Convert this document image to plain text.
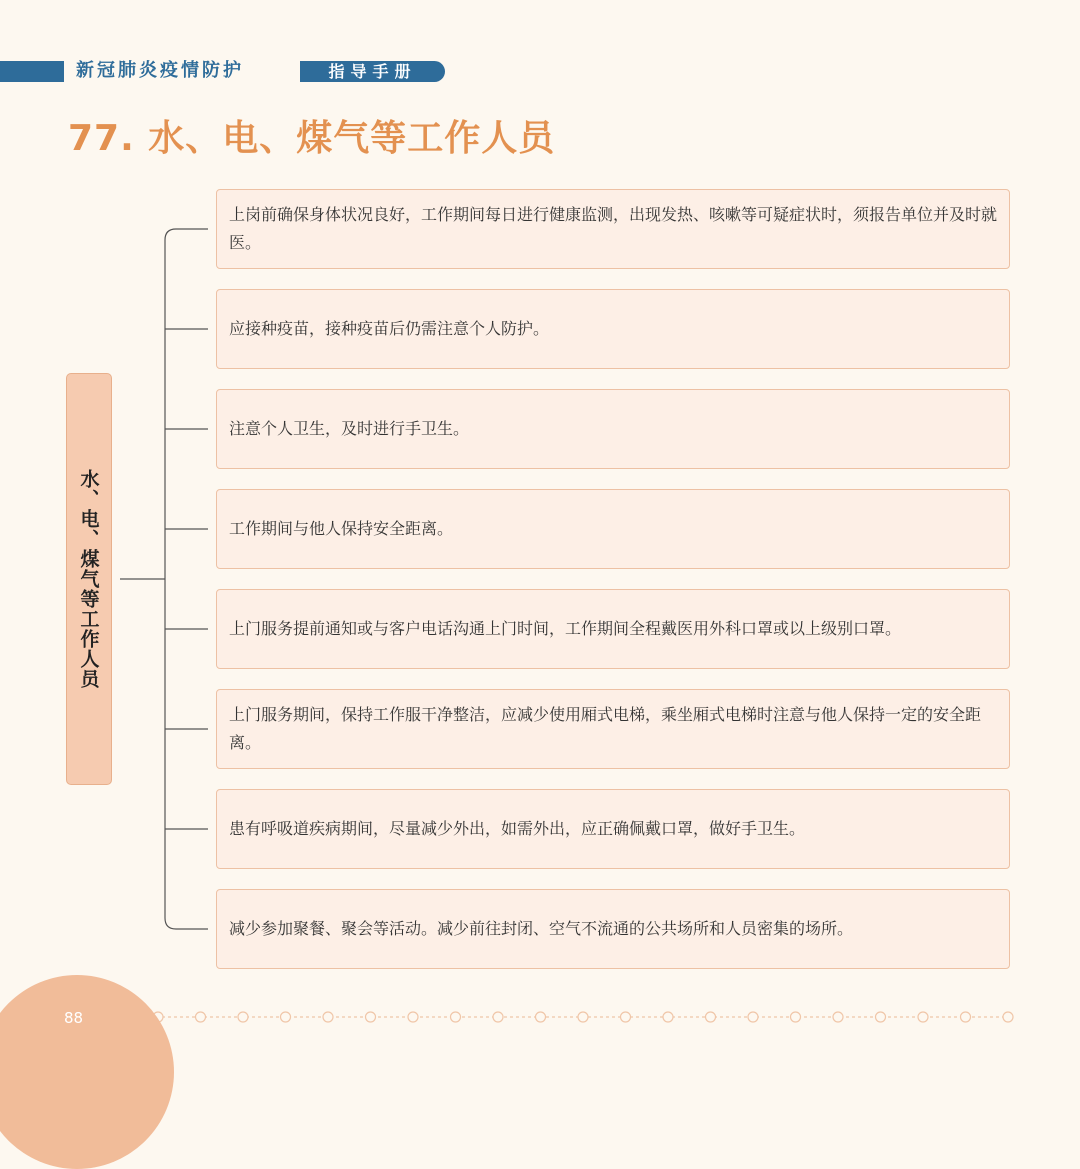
新冠肺炎疫情防护	指导手册
77. 水、电、煤气等工作人员
水、电、煤气等工作人员
上岗前确保身体状况良好，工作期间每日进行健康监测，出现发热、咳嗽等可疑症状时，须报告单位并及时就医。
应接种疫苗，接种疫苗后仍需注意个人防护。
注意个人卫生，及时进行手卫生。
工作期间与他人保持安全距离。
上门服务提前通知或与客户电话沟通上门时间，工作期间全程戴医用外科口罩或以上级别口罩。
上门服务期间，保持工作服干净整洁，应减少使用厢式电梯，乘坐厢式电梯时注意与他人保持一定的安全距离。
患有呼吸道疾病期间，尽量减少外出，如需外出，应正确佩戴口罩，做好手卫生。
减少参加聚餐、聚会等活动。减少前往封闭、空气不流通的公共场所和人员密集的场所。
88
